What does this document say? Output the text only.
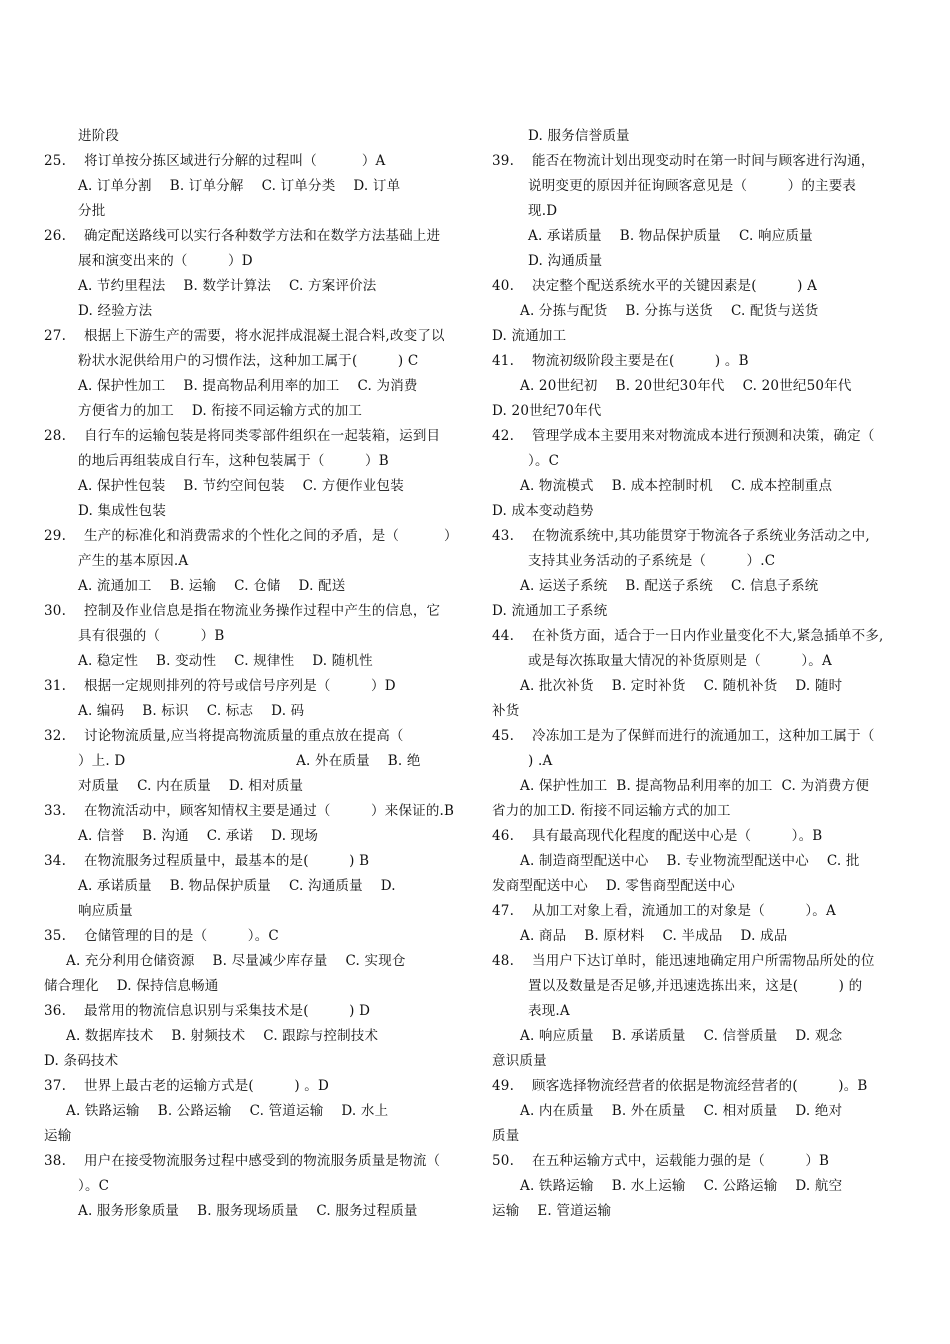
进阶段
25.    将订单按分拣区域进行分解的过程叫（          ）A
A. 订单分割    B. 订单分解    C. 订单分类    D. 订单
分批
26.    确定配送路线可以实行各种数学方法和在数学方法基础上进
展和演变出来的（         ）D
A. 节约里程法    B. 数学计算法    C. 方案评价法
D. 经验方法
27.    根据上下游生产的需要，将水泥拌成混凝土混合料,改变了以
粉状水泥供给用户的习惯作法，这种加工属于(         ) C
A. 保护性加工    B. 提高物品利用率的加工    C. 为消费
方便省力的加工    D. 衔接不同运输方式的加工
28.    自行车的运输包装是将同类零部件组织在一起装箱，运到目
的地后再组装成自行车，这种包装属于（         ）B
A. 保护性包装    B. 节约空间包装    C. 方便作业包装
D. 集成性包装
29.    生产的标准化和消费需求的个性化之间的矛盾，是（          ）
产生的基本原因.A
A. 流通加工    B. 运输    C. 仓储    D. 配送
30.    控制及作业信息是指在物流业务操作过程中产生的信息，它
具有很强的（         ）B
A. 稳定性    B. 变动性    C. 规律性    D. 随机性
31.    根据一定规则排列的符号或信号序列是（         ）D
A. 编码    B. 标识    C. 标志    D. 码
32.    讨论物流质量,应当将提高物流质量的重点放在提高（
）上. D                                      A. 外在质量    B. 绝
对质量    C. 内在质量    D. 相对质量
33.    在物流活动中，顾客知情权主要是通过（         ）来保证的.B
A. 信誉    B. 沟通    C. 承诺    D. 现场
34.    在物流服务过程质量中，最基本的是(         ) B
A. 承诺质量    B. 物品保护质量    C. 沟通质量    D.
响应质量
35.    仓储管理的目的是（         ）。C
A. 充分利用仓储资源    B. 尽量减少库存量    C. 实现仓
储合理化    D. 保持信息畅通
36.    最常用的物流信息识别与采集技术是(         ) D
A. 数据库技术    B. 射频技术    C. 跟踪与控制技术
D. 条码技术
37.    世界上最古老的运输方式是(         ) 。D
A. 铁路运输    B. 公路运输    C. 管道运输    D. 水上
运输
38.    用户在接受物流服务过程中感受到的物流服务质量是物流（
）。C
A. 服务形象质量    B. 服务现场质量    C. 服务过程质量
D. 服务信誉质量
39.    能否在物流计划出现变动时在第一时间与顾客进行沟通，
说明变更的原因并征询顾客意见是（         ）的主要表
现.D
A. 承诺质量    B. 物品保护质量    C. 响应质量
D. 沟通质量
40.    决定整个配送系统水平的关键因素是(         ) A
A. 分拣与配货    B. 分拣与送货    C. 配货与送货
D. 流通加工
41.    物流初级阶段主要是在(         ) 。B
A. 20世纪初    B. 20世纪30年代    C. 20世纪50年代
D. 20世纪70年代
42.    管理学成本主要用来对物流成本进行预测和决策，确定（
）。C
A. 物流模式    B. 成本控制时机    C. 成本控制重点
D. 成本变动趋势
43.    在物流系统中,其功能贯穿于物流各子系统业务活动之中,
支持其业务活动的子系统是（         ）.C
A. 运送子系统    B. 配送子系统    C. 信息子系统
D. 流通加工子系统
44.    在补货方面，适合于一日内作业量变化不大,紧急插单不多,
或是每次拣取量大情况的补货原则是（         ）。A
A. 批次补货    B. 定时补货    C. 随机补货    D. 随时
补货
45.    冷冻加工是为了保鲜而进行的流通加工，这种加工属于（
) .A
A. 保护性加工  B. 提高物品利用率的加工  C. 为消费方便
省力的加工D. 衔接不同运输方式的加工
46.    具有最高现代化程度的配送中心是（         ）。B
A. 制造商型配送中心    B. 专业物流型配送中心    C. 批
发商型配送中心    D. 零售商型配送中心
47.    从加工对象上看，流通加工的对象是（         ）。A
A. 商品    B. 原材料    C. 半成品    D. 成品
48.    当用户下达订单时，能迅速地确定用户所需物品所处的位
置以及数量是否足够,并迅速选拣出来，这是(         ) 的
表现.A
A. 响应质量    B. 承诺质量    C. 信誉质量    D. 观念
意识质量
49.    顾客选择物流经营者的依据是物流经营者的(         )。B
A. 内在质量    B. 外在质量    C. 相对质量    D. 绝对
质量
50.    在五种运输方式中，运载能力强的是（         ）B
A. 铁路运输    B. 水上运输    C. 公路运输    D. 航空
运输    E. 管道运输
